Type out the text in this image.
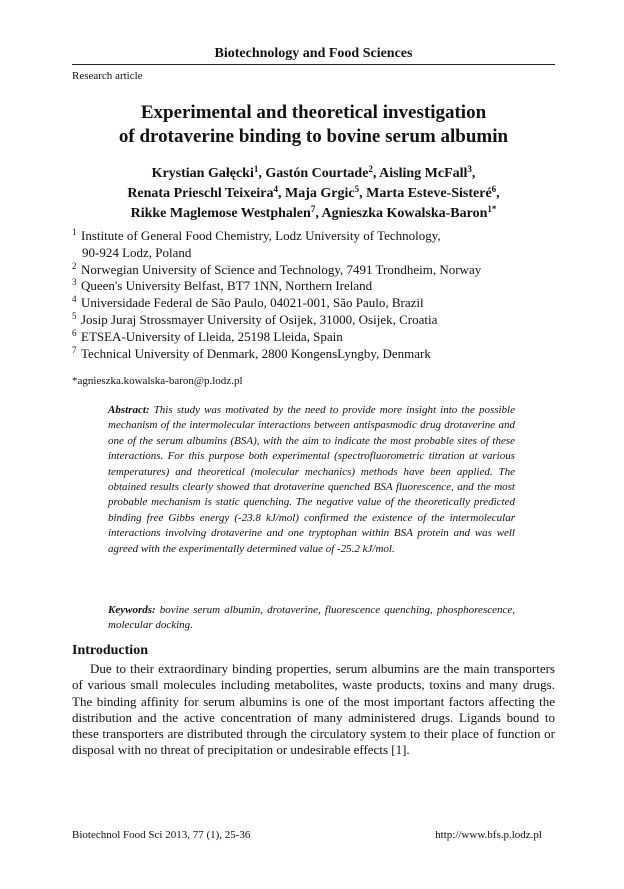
Biotechnology and Food Sciences
Research article
Experimental and theoretical investigation
of drotaverine binding to bovine serum albumin
Krystian Gałęcki$^1$, Gastón Courtade$^2$, Aisling McFall$^3$,
Renata Prieschl Teixeira$^4$, Maja Grgic$^5$, Marta Esteve-Sisteré$^6$,
Rikke Maglemose Westphalen$^7$, Agnieszka Kowalska-Baron$^{1*}$
1 Institute of General Food Chemistry, Lodz University of Technology,
90-924 Lodz, Poland
2 Norwegian University of Science and Technology, 7491 Trondheim, Norway
3 Queen's University Belfast, BT7 1NN, Northern Ireland
4 Universidade Federal de São Paulo, 04021-001, São Paulo, Brazil
5 Josip Juraj Strossmayer University of Osijek, 31000, Osijek, Croatia
6 ETSEA-University of Lleida, 25198 Lleida, Spain
7 Technical University of Denmark, 2800 KongensLyngby, Denmark
*agnieszka.kowalska-baron@p.lodz.pl
Abstract: This study was motivated by the need to provide more insight into the possible mechanism of the intermolecular interactions between antispasmodic drug drotaverine and one of the serum albumins (BSA), with the aim to indicate the most probable sites of these interactions. For this purpose both experimental (spectrofluorometric titration at various temperatures) and theoretical (molecular mechanics) methods have been applied. The obtained results clearly showed that drotaverine quenched BSA fluorescence, and the most probable mechanism is static quenching. The negative value of the theoretically predicted binding free Gibbs energy (-23.8 kJ/mol) confirmed the existence of the intermolecular interactions involving drotaverine and one tryptophan within BSA protein and was well agreed with the experimentally determined value of -25.2 kJ/mol.
Keywords: bovine serum albumin, drotaverine, fluorescence quenching, phosphorescence, molecular docking.
Introduction
Due to their extraordinary binding properties, serum albumins are the main transporters of various small molecules including metabolites, waste products, toxins and many drugs. The binding affinity for serum albumins is one of the most important factors affecting the distribution and the active concentration of many administered drugs. Ligands bound to these transporters are distributed through the circulatory system to their place of function or disposal with no threat of precipitation or undesirable effects [1].
Biotechnol Food Sci 2013, 77 (1), 25-36	http://www.bfs.p.lodz.pl
